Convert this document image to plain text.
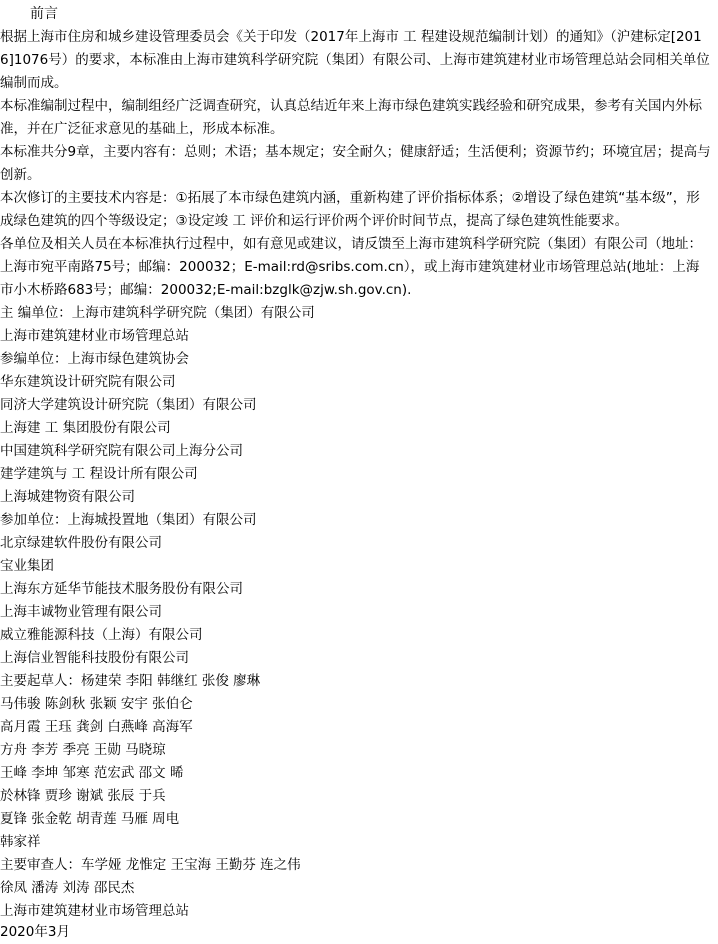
前言
根据上海市住房和城乡建设管理委员会《关于印发（2017年上海市 工 程建设规范编制计划）的通知》（沪建标定[2016]1076号）的要求，本标准由上海市建筑科学研究院（集团）有限公司、上海市建筑建材业市场管理总站会同相关单位编制而成。
本标准编制过程中，编制组经广泛调查研究，认真总结近年来上海市绿色建筑实践经验和研究成果，参考有关国内外标准，并在广泛征求意见的基础上，形成本标准。
本标准共分9章，主要内容有：总则；术语；基本规定；安全耐久；健康舒适；生活便利；资源节约；环境宜居；提高与创新。
本次修订的主要技术内容是：①拓展了本市绿色建筑内涵，重新构建了评价指标体系；②增设了绿色建筑“基本级”，形成绿色建筑的四个等级设定；③设定竣 工 评价和运行评价两个评价时间节点，提高了绿色建筑性能要求。
各单位及相关人员在本标准执行过程中，如有意见或建议，请反馈至上海市建筑科学研究院（集团）有限公司（地址：上海市宛平南路75号；邮编：200032；E-mail:rd@sribs.com.cn），或上海市建筑建材业市场管理总站(地址：上海市小木桥路683号；邮编：200032;E-mail:bzglk@zjw.sh.gov.cn).
主 编单位：上海市建筑科学研究院（集团）有限公司
上海市建筑建材业市场管理总站
参编单位：上海市绿色建筑协会
华东建筑设计研究院有限公司
同济大学建筑设计研究院（集团）有限公司
上海建 工 集团股份有限公司
中国建筑科学研究院有限公司上海分公司
建学建筑与 工 程设计所有限公司
上海城建物资有限公司
参加单位：上海城投置地（集团）有限公司
北京绿建软件股份有限公司
宝业集团
上海东方延华节能技术服务股份有限公司
上海丰诚物业管理有限公司
威立雅能源科技（上海）有限公司
上海信业智能科技股份有限公司
主要起草人：杨建荣 李阳 韩继红 张俊 廖琳
马伟骏 陈剑秋 张颖 安宇 张伯仑
高月霞 王珏 龚剑 白燕峰 高海军
方舟 李芳 季亮 王勋 马晓琼
王峰 李坤 邹寒 范宏武 邵文 晞
於林锋 贾珍 谢斌 张辰 于兵
夏锋 张金乾 胡青莲 马雁 周电
韩家祥
主要审查人：车学娅 龙惟定 王宝海 王勤芬 连之伟
徐凤 潘涛 刘涛 邵民杰
上海市建筑建材业市场管理总站
2020年3月
